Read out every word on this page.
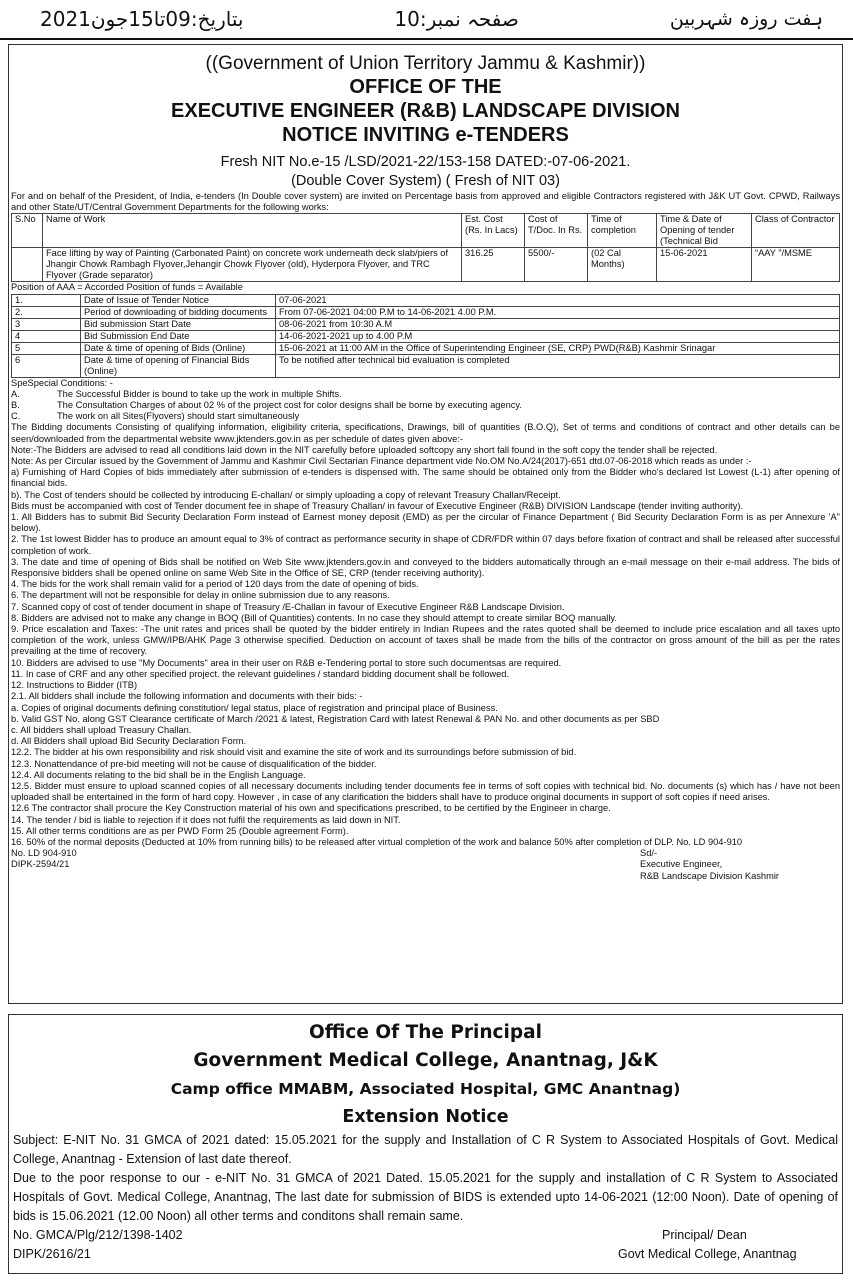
2021بتاریخ:09تا15جون	صفحہ نمبر:10	ہفت روزہ شہربین
((Government of Union Territory Jammu & Kashmir))
OFFICE OF THE
EXECUTIVE ENGINEER (R&B) LANDSCAPE DIVISION
NOTICE INVITING e-TENDERS
Fresh NIT No.e-15 /LSD/2021-22/153-158 DATED:-07-06-2021.
(Double Cover System) ( Fresh of NIT 03)
For and on behalf of the President, of India, e-tenders (In Double cover system) are invited on Percentage basis from approved and eligible Contractors registered with J&K UT Govt. CPWD, Railways and other State/UT/Central Government Departments for the following works:
S.No	Name of Work	Est. Cost (Rs. In Lacs)	Cost of T/Doc. In Rs.	Time of completion	Time & Date of Opening of tender (Technical Bid	Class of Contractor
	Face lifting by way of Painting (Carbonated Paint) on concrete work underneath deck slab/piers of Jhangir Chowk Rambagh Flyover,Jehangir Chowk Flyover (old), Hyderpora Flyover, and TRC Flyover (Grade separator)	316.25	5500/-	(02 Cal Months)	15-06-2021	“AAY ”/MSME
Position of AAA = Accorded Position of funds = Available
1.	Date of Issue of Tender Notice	07-06-2021
2.	Period of downloading of bidding documents	From 07-06-2021 04:00 P.M to 14-06-2021 4.00 P.M.
3	Bid submission Start Date	08-06-2021 from 10:30 A.M
4	Bid Submission End Date	14-06-2021-2021 up to 4.00 P.M
5	Date & time of opening of Bids (Online)	15-06-2021 at 11:00 AM in the Office of Superintending Engineer (SE, CRP) PWD(R&B) Kashmir Srinagar
6	Date & time of opening of Financial Bids (Online)	To be notified after technical bid evaluation is completed
SpeSpecial Conditions: -
A.	The Successful Bidder is bound to take up the work in multiple Shifts.
B.	The Consultation Charges of about 02 % of the project cost for color designs shall be borne by executing agency.
C.	The work on all Sites(Flyovers) should start simultaneously
The Bidding documents Consisting of qualifying information, eligibility criteria, specifications, Drawings, bill of quantities (B.O.Q), Set of terms and conditions of contract and other details can be seen/downloaded from the departmental website www.jktenders.gov.in as per schedule of dates given above:-
Note:-The Bidders are advised to read all conditions laid down in the NIT carefully before uploaded softcopy any short fall found in the soft copy the tender shall be rejected.
Note: As per Circular issued by the Government of Jammu and Kashmir Civil Sectarian Finance department vide No.OM No.A/24(2017)-651 dtd.07-06-2018 which reads as under :-
a) Furnishing of Hard Copies of bids immediately after submission of e-tenders is dispensed with. The same should be obtained only from the Bidder who's declared Ist Lowest (L-1) after opening of financial bids.
b). The Cost of tenders should be collected by introducing E-challan/ or simply uploading a copy of relevant Treasury Challan/Receipt.
Bids must be accompanied with cost of Tender document fee in shape of Treasury Challan/ in favour of Executive Engineer (R&B) DIVISION Landscape (tender inviting authority).
1. All Bidders has to submit Bid Security Declaration Form instead of Earnest money deposit (EMD) as per the circular of Finance Department ( Bid Security Declaration Form is as per Annexure 'A" below).
2. The 1st lowest Bidder has to produce an amount equal to 3% of contract as performance security in shape of CDR/FDR within 07 days before fixation of contract and shall be released after successful completion of work.
3. The date and time of opening of Bids shall be notified on Web Site www.jktenders.gov.in and conveyed to the bidders automatically through an e-mail message on their e-mail address. The bids of Responsive bidders shall be opened online on same Web Site in the Office of SE, CRP (tender receiving authority).
4. The bids for the work shall remain valid for a period of 120 days from the date of opening of bids.
6. The department will not be responsible for delay in online submission due to any reasons.
7. Scanned copy of cost of tender document in shape of Treasury /E-Challan in favour of Executive Engineer R&B Landscape Division.
8. Bidders are advised not to make any change in BOQ (Bill of Quantities) contents. In no case they should attempt to create similar BOQ manually.
9. Price escalation and Taxes: -The unit rates and prices shall be quoted by the bidder entirely in Indian Rupees and the rates quoted shall be deemed to include price escalation and all taxes upto completion of the work, unless GMW/IPB/AHK Page 3 otherwise specified. Deduction on account of taxes shall be made from the bills of the contractor on gross amount of the bill as per the rates prevailing at the time of recovery.
10. Bidders are advised to use "My Documents" area in their user on R&B e-Tendering portal to store such documentsas are required.
11. In case of CRF and any other specified project. the relevant guidelines / standard bidding document shall be followed.
12. Instructions to Bidder (ITB)
2.1. All bidders shall include the following information and documents with their bids: -
a. Copies of original documents defining constitution/ legal status, place of registration and principal place of Business.
b. Valid GST No. along GST Clearance certificate of March /2021 & latest, Registration Card with latest Renewal & PAN No. and other documents as per SBD
c. All bidders shall upload Treasury Challan.
d. All Bidders shall upload Bid Security Declaration Form.
12.2. The bidder at his own responsibility and risk should visit and examine the site of work and its surroundings before submission of bid.
12.3. Nonattendance of pre-bid meeting will not be cause of disqualification of the bidder.
12.4. All documents relating to the bid shall be in the English Language.
12.5. Bidder must ensure to upload scanned copies of all necessary documents including tender documents fee in terms of soft copies with technical bid. No. documents (s) which has / have not been uploaded shall be entertained in the form of hard copy. However , in case of any clarification the bidders shall have to produce original documents in support of soft copies if need arises.
12.6 The contractor shall procure the Key Construction material of his own and specifications prescribed, to be certified by the Engineer in charge.
14. The tender / bid is liable to rejection if it does not fulfil the requirements as laid down in NIT.
15. All other terms conditions are as per PWD Form 25 (Double agreement Form).
16. 50% of the normal deposits (Deducted at 10% from running bills) to be released after virtual completion of the work and balance 50% after completion of DLP. No. LD 904-910
No. LD 904-910
DIPK-2594/21
Sd/-
Executive Engineer,
R&B Landscape Division Kashmir
Office Of The Principal
Government Medical College, Anantnag, J&K
Camp office MMABM, Associated Hospital, GMC Anantnag)
Extension Notice
Subject: E-NIT No. 31 GMCA of 2021 dated: 15.05.2021 for the supply and Installation of C R System to Associated Hospitals of Govt. Medical College, Anantnag - Extension of last date thereof.
Due to the poor response to our - e-NIT No. 31 GMCA of 2021 Dated. 15.05.2021 for the supply and installation of C R System to Associated Hospitals of Govt. Medical College, Anantnag, The last date for submission of BIDS is extended upto 14-06-2021 (12:00 Noon). Date of opening of bids is 15.06.2021 (12.00 Noon) all other terms and conditons shall remain same.
No. GMCA/Plg/212/1398-1402
DIPK/2616/21
Principal/ Dean
Govt Medical College, Anantnag
